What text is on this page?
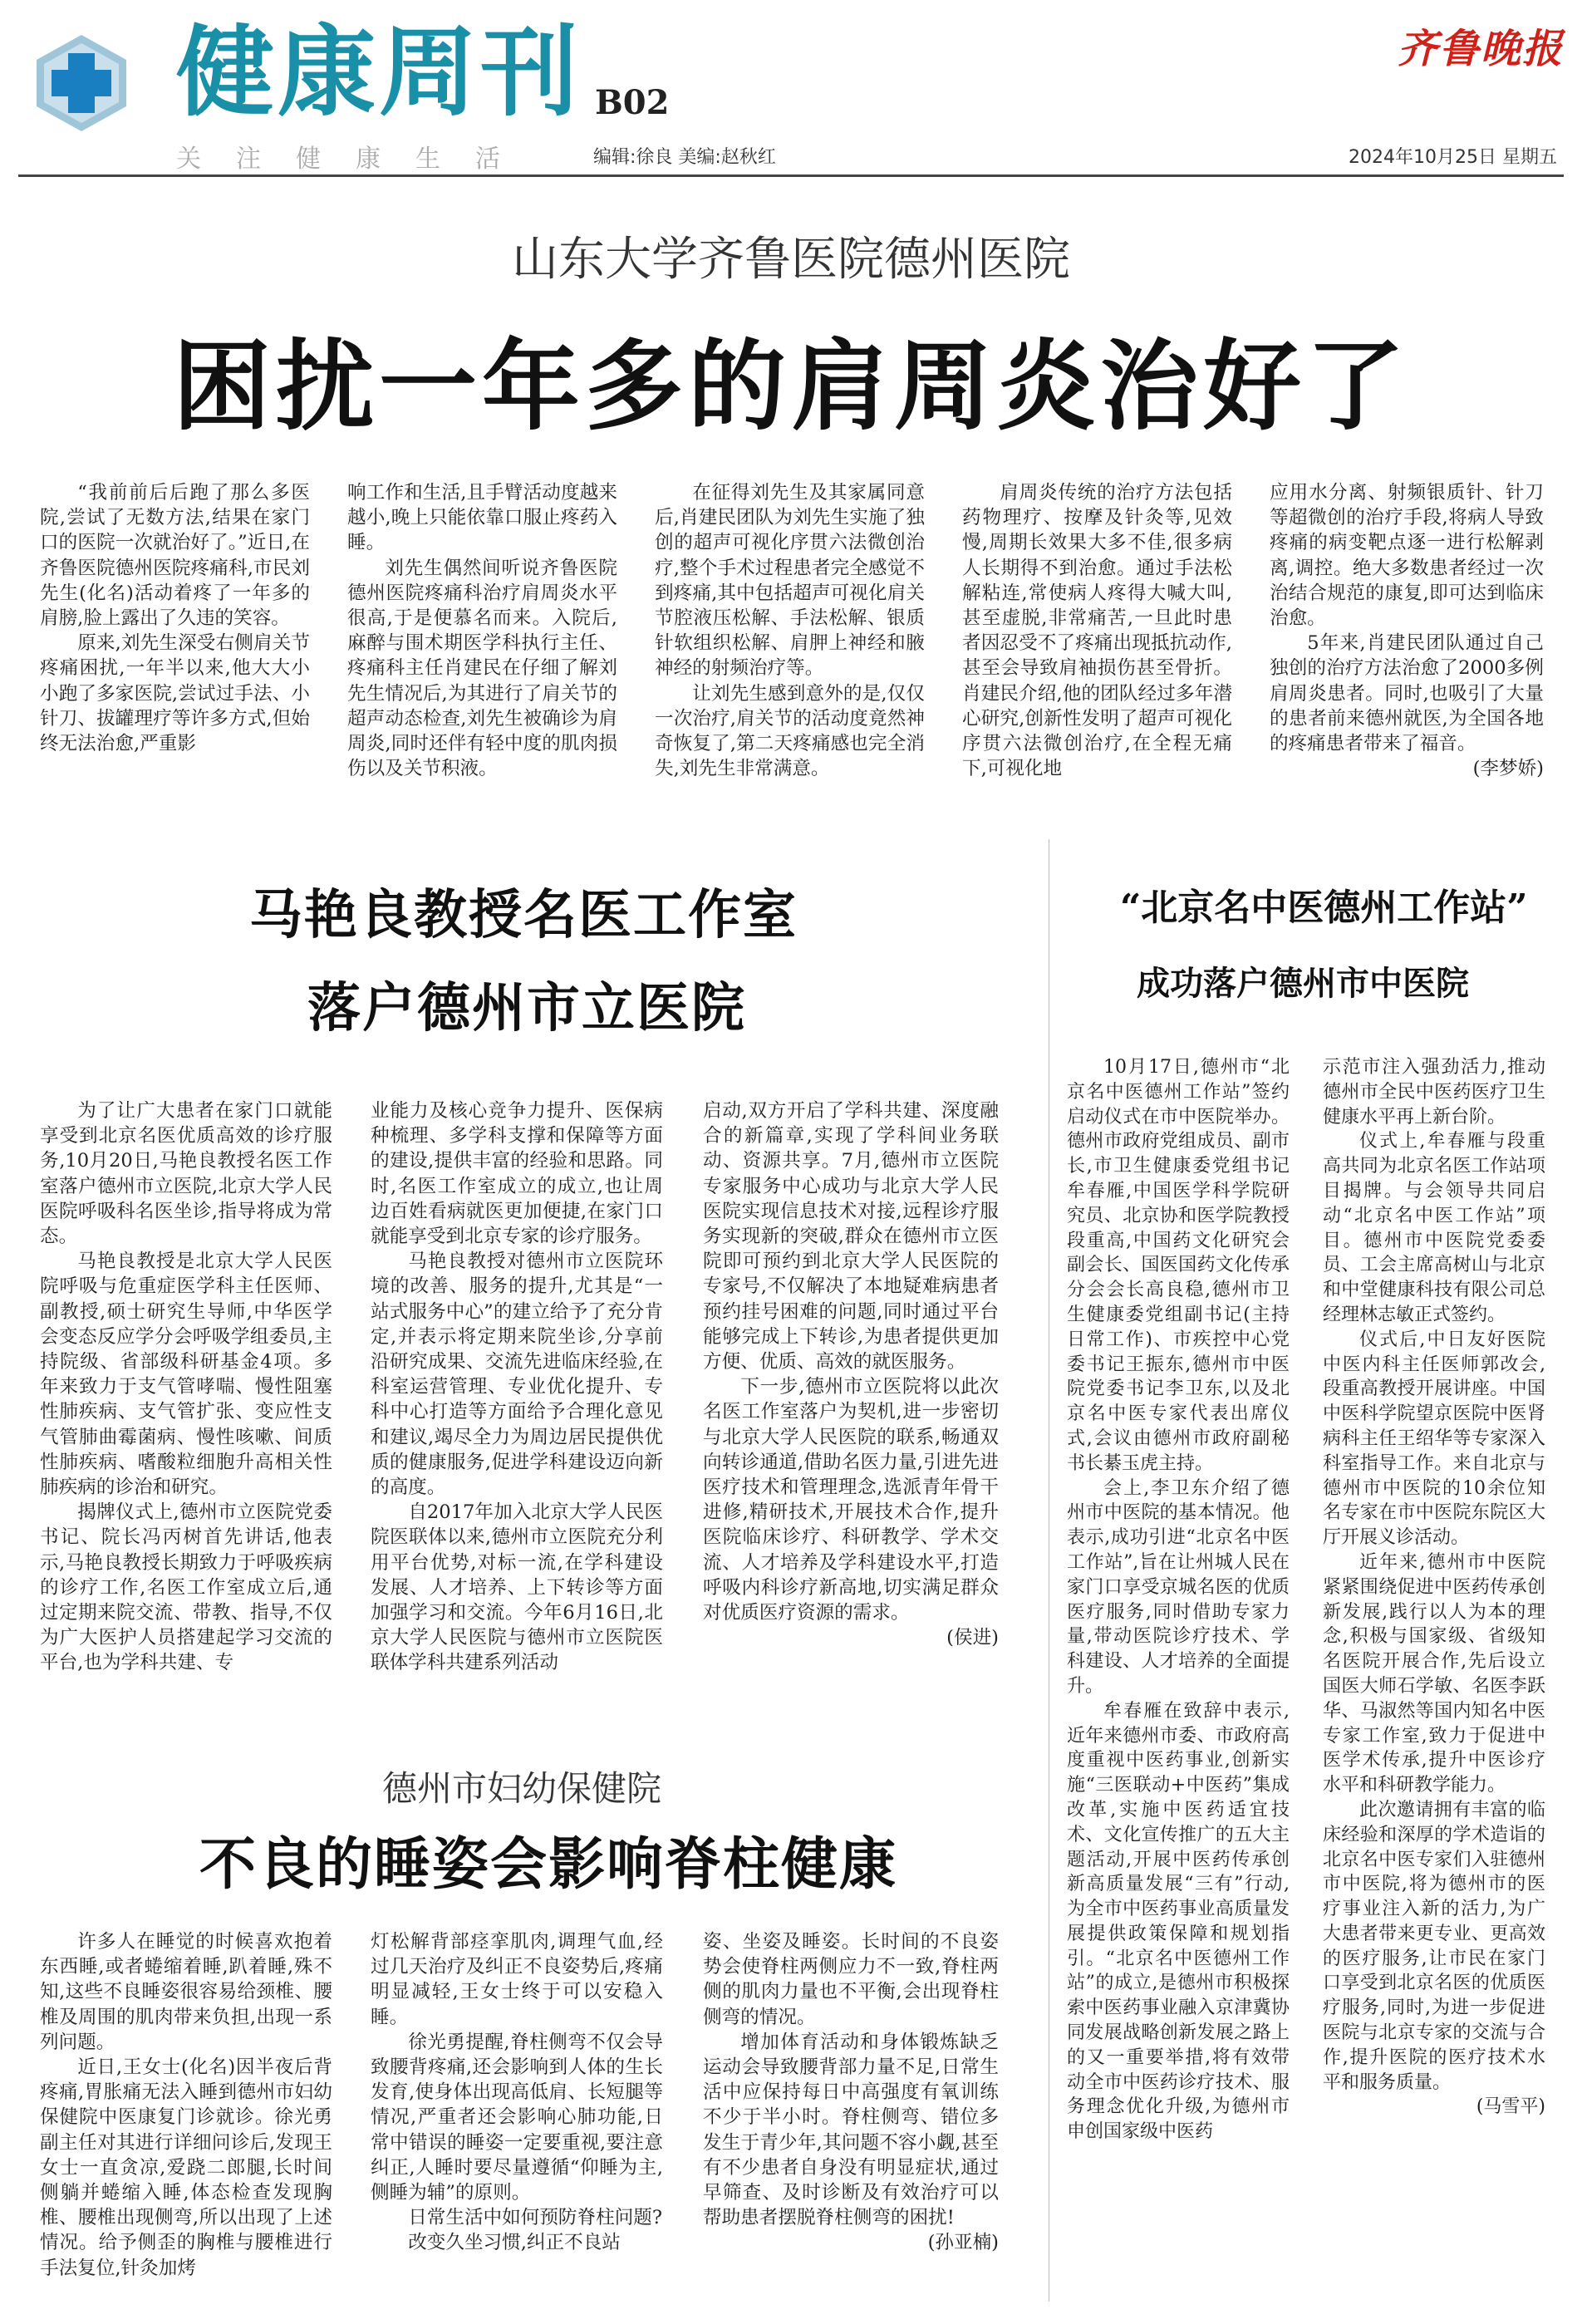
健康周刊 B02
关注健康生活	编辑:徐良 美编:赵秋红
齐鲁晚报
2024年10月25日 星期五
山东大学齐鲁医院德州医院
困扰一年多的肩周炎治好了

“我前前后后跑了那么多医院,尝试了无数方法,结果在家门口的医院一次就治好了。”近日,在齐鲁医院德州医院疼痛科,市民刘先生(化名)活动着疼了一年多的肩膀,脸上露出了久违的笑容。

原来,刘先生深受右侧肩关节疼痛困扰,一年半以来,他大大小小跑了多家医院,尝试过手法、小针刀、拔罐理疗等许多方式,但始终无法治愈,严重影

响工作和生活,且手臂活动度越来越小,晚上只能依靠口服止疼药入睡。

刘先生偶然间听说齐鲁医院德州医院疼痛科治疗肩周炎水平很高,于是便慕名而来。入院后,麻醉与围术期医学科执行主任、疼痛科主任肖建民在仔细了解刘先生情况后,为其进行了肩关节的超声动态检查,刘先生被确诊为肩周炎,同时还伴有轻中度的肌肉损伤以及关节积液。

在征得刘先生及其家属同意后,肖建民团队为刘先生实施了独创的超声可视化序贯六法微创治疗,整个手术过程患者完全感觉不到疼痛,其中包括超声可视化肩关节腔液压松解、手法松解、银质针软组织松解、肩胛上神经和腋神经的射频治疗等。

让刘先生感到意外的是,仅仅一次治疗,肩关节的活动度竟然神奇恢复了,第二天疼痛感也完全消失,刘先生非常满意。

肩周炎传统的治疗方法包括药物理疗、按摩及针灸等,见效慢,周期长效果大多不佳,很多病人长期得不到治愈。通过手法松解粘连,常使病人疼得大喊大叫,甚至虚脱,非常痛苦,一旦此时患者因忍受不了疼痛出现抵抗动作,甚至会导致肩袖损伤甚至骨折。肖建民介绍,他的团队经过多年潜心研究,创新性发明了超声可视化序贯六法微创治疗,在全程无痛下,可视化地

应用水分离、射频银质针、针刀等超微创的治疗手段,将病人导致疼痛的病变靶点逐一进行松解剥离,调控。绝大多数患者经过一次治结合规范的康复,即可达到临床治愈。

5年来,肖建民团队通过自己独创的治疗方法治愈了2000多例肩周炎患者。同时,也吸引了大量的患者前来德州就医,为全国各地的疼痛患者带来了福音。

(李梦娇)
马艳良教授名医工作室
落户德州市立医院

为了让广大患者在家门口就能享受到北京名医优质高效的诊疗服务,10月20日,马艳良教授名医工作室落户德州市立医院,北京大学人民医院呼吸科名医坐诊,指导将成为常态。

马艳良教授是北京大学人民医院呼吸与危重症医学科主任医师、副教授,硕士研究生导师,中华医学会变态反应学分会呼吸学组委员,主持院级、省部级科研基金4项。多年来致力于支气管哮喘、慢性阻塞性肺疾病、支气管扩张、变应性支气管肺曲霉菌病、慢性咳嗽、间质性肺疾病、嗜酸粒细胞升高相关性肺疾病的诊治和研究。

揭牌仪式上,德州市立医院党委书记、院长冯丙树首先讲话,他表示,马艳良教授长期致力于呼吸疾病的诊疗工作,名医工作室成立后,通过定期来院交流、带教、指导,不仅为广大医护人员搭建起学习交流的平台,也为学科共建、专

业能力及核心竞争力提升、医保病种梳理、多学科支撑和保障等方面的建设,提供丰富的经验和思路。同时,名医工作室成立的成立,也让周边百姓看病就医更加便捷,在家门口就能享受到北京专家的诊疗服务。

马艳良教授对德州市立医院环境的改善、服务的提升,尤其是“一站式服务中心”的建立给予了充分肯定,并表示将定期来院坐诊,分享前沿研究成果、交流先进临床经验,在科室运营管理、专业优化提升、专科中心打造等方面给予合理化意见和建议,竭尽全力为周边居民提供优质的健康服务,促进学科建设迈向新的高度。

自2017年加入北京大学人民医院医联体以来,德州市立医院充分利用平台优势,对标一流,在学科建设发展、人才培养、上下转诊等方面加强学习和交流。今年6月16日,北京大学人民医院与德州市立医院医联体学科共建系列活动

启动,双方开启了学科共建、深度融合的新篇章,实现了学科间业务联动、资源共享。7月,德州市立医院专家服务中心成功与北京大学人民医院实现信息技术对接,远程诊疗服务实现新的突破,群众在德州市立医院即可预约到北京大学人民医院的专家号,不仅解决了本地疑难病患者预约挂号困难的问题,同时通过平台能够完成上下转诊,为患者提供更加方便、优质、高效的就医服务。

下一步,德州市立医院将以此次名医工作室落户为契机,进一步密切与北京大学人民医院的联系,畅通双向转诊通道,借助名医力量,引进先进医疗技术和管理理念,选派青年骨干进修,精研技术,开展技术合作,提升医院临床诊疗、科研教学、学术交流、人才培养及学科建设水平,打造呼吸内科诊疗新高地,切实满足群众对优质医疗资源的需求。

(侯进)
“北京名中医德州工作站”
成功落户德州市中医院

10月17日,德州市“北京名中医德州工作站”签约启动仪式在市中医院举办。德州市政府党组成员、副市长,市卫生健康委党组书记牟春雁,中国医学科学院研究员、北京协和医学院教授段重高,中国药文化研究会副会长、国医国药文化传承分会会长高良稳,德州市卫生健康委党组副书记(主持日常工作)、市疾控中心党委书记王振东,德州市中医院党委书记李卫东,以及北京名中医专家代表出席仪式,会议由德州市政府副秘书长綦玉虎主持。

会上,李卫东介绍了德州市中医院的基本情况。他表示,成功引进“北京名中医工作站”,旨在让州城人民在家门口享受京城名医的优质医疗服务,同时借助专家力量,带动医院诊疗技术、学科建设、人才培养的全面提升。

牟春雁在致辞中表示,近年来德州市委、市政府高度重视中医药事业,创新实施“三医联动+中医药”集成改革,实施中医药适宜技术、文化宣传推广的五大主题活动,开展中医药传承创新高质量发展“三有”行动,为全市中医药事业高质量发展提供政策保障和规划指引。“北京名中医德州工作站”的成立,是德州市积极探索中医药事业融入京津冀协同发展战略创新发展之路上的又一重要举措,将有效带动全市中医药诊疗技术、服务理念优化升级,为德州市申创国家级中医药

示范市注入强劲活力,推动德州市全民中医药医疗卫生健康水平再上新台阶。

仪式上,牟春雁与段重高共同为北京名医工作站项目揭牌。与会领导共同启动“北京名中医工作站”项目。德州市中医院党委委员、工会主席高树山与北京和中堂健康科技有限公司总经理林志敏正式签约。

仪式后,中日友好医院中医内科主任医师郭改会,段重高教授开展讲座。中国中医科学院望京医院中医肾病科主任王绍华等专家深入科室指导工作。来自北京与德州市中医院的10余位知名专家在市中医院东院区大厅开展义诊活动。

近年来,德州市中医院紧紧围绕促进中医药传承创新发展,践行以人为本的理念,积极与国家级、省级知名医院开展合作,先后设立国医大师石学敏、名医李跃华、马淑然等国内知名中医专家工作室,致力于促进中医学术传承,提升中医诊疗水平和科研教学能力。

此次邀请拥有丰富的临床经验和深厚的学术造诣的北京名中医专家们入驻德州市中医院,将为德州市的医疗事业注入新的活力,为广大患者带来更专业、更高效的医疗服务,让市民在家门口享受到北京名医的优质医疗服务,同时,为进一步促进医院与北京专家的交流与合作,提升医院的医疗技术水平和服务质量。

(马雪平)
德州市妇幼保健院
不良的睡姿会影响脊柱健康

许多人在睡觉的时候喜欢抱着东西睡,或者蜷缩着睡,趴着睡,殊不知,这些不良睡姿很容易给颈椎、腰椎及周围的肌肉带来负担,出现一系列问题。

近日,王女士(化名)因半夜后背疼痛,胃胀痛无法入睡到德州市妇幼保健院中医康复门诊就诊。徐光勇副主任对其进行详细问诊后,发现王女士一直贪凉,爱跷二郎腿,长时间侧躺并蜷缩入睡,体态检查发现胸椎、腰椎出现侧弯,所以出现了上述情况。给予侧歪的胸椎与腰椎进行手法复位,针灸加烤

灯松解背部痉挛肌肉,调理气血,经过几天治疗及纠正不良姿势后,疼痛明显减轻,王女士终于可以安稳入睡。

徐光勇提醒,脊柱侧弯不仅会导致腰背疼痛,还会影响到人体的生长发育,使身体出现高低肩、长短腿等情况,严重者还会影响心肺功能,日常中错误的睡姿一定要重视,要注意纠正,人睡时要尽量遵循“仰睡为主,侧睡为辅”的原则。

日常生活中如何预防脊柱问题?

改变久坐习惯,纠正不良站

姿、坐姿及睡姿。长时间的不良姿势会使脊柱两侧应力不一致,脊柱两侧的肌肉力量也不平衡,会出现脊柱侧弯的情况。

增加体育活动和身体锻炼缺乏运动会导致腰背部力量不足,日常生活中应保持每日中高强度有氧训练不少于半小时。脊柱侧弯、错位多发生于青少年,其问题不容小觑,甚至有不少患者自身没有明显症状,通过早筛查、及时诊断及有效治疗可以帮助患者摆脱脊柱侧弯的困扰!

(孙亚楠)
